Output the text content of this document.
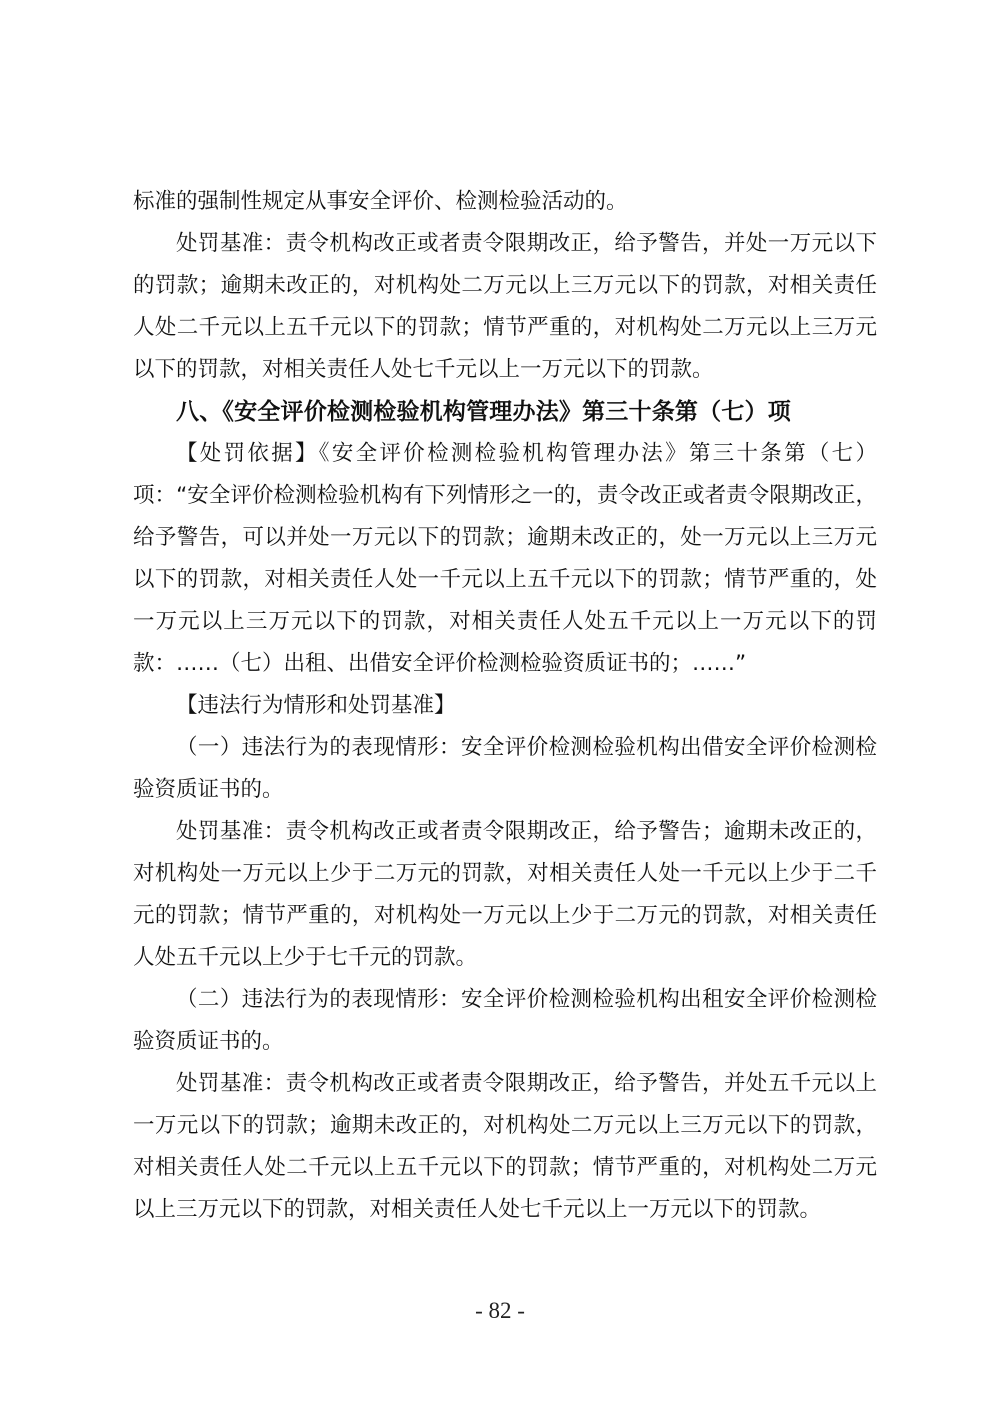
标准的强制性规定从事安全评价、检测检验活动的。

处罚基准：责令机构改正或者责令限期改正，给予警告，并处一万元以下的罚款；逾期未改正的，对机构处二万元以上三万元以下的罚款，对相关责任人处二千元以上五千元以下的罚款；情节严重的，对机构处二万元以上三万元以下的罚款，对相关责任人处七千元以上一万元以下的罚款。

八、《安全评价检测检验机构管理办法》第三十条第（七）项

【处罚依据】《安全评价检测检验机构管理办法》第三十条第（七）项：“安全评价检测检验机构有下列情形之一的，责令改正或者责令限期改正，给予警告，可以并处一万元以下的罚款；逾期未改正的，处一万元以上三万元以下的罚款，对相关责任人处一千元以上五千元以下的罚款；情节严重的，处一万元以上三万元以下的罚款，对相关责任人处五千元以上一万元以下的罚款：……（七）出租、出借安全评价检测检验资质证书的；……”

【违法行为情形和处罚基准】

（一）违法行为的表现情形：安全评价检测检验机构出借安全评价检测检验资质证书的。

处罚基准：责令机构改正或者责令限期改正，给予警告；逾期未改正的，对机构处一万元以上少于二万元的罚款，对相关责任人处一千元以上少于二千元的罚款；情节严重的，对机构处一万元以上少于二万元的罚款，对相关责任人处五千元以上少于七千元的罚款。

（二）违法行为的表现情形：安全评价检测检验机构出租安全评价检测检验资质证书的。

处罚基准：责令机构改正或者责令限期改正，给予警告，并处五千元以上一万元以下的罚款；逾期未改正的，对机构处二万元以上三万元以下的罚款，对相关责任人处二千元以上五千元以下的罚款；情节严重的，对机构处二万元以上三万元以下的罚款，对相关责任人处七千元以上一万元以下的罚款。

- 82 -
